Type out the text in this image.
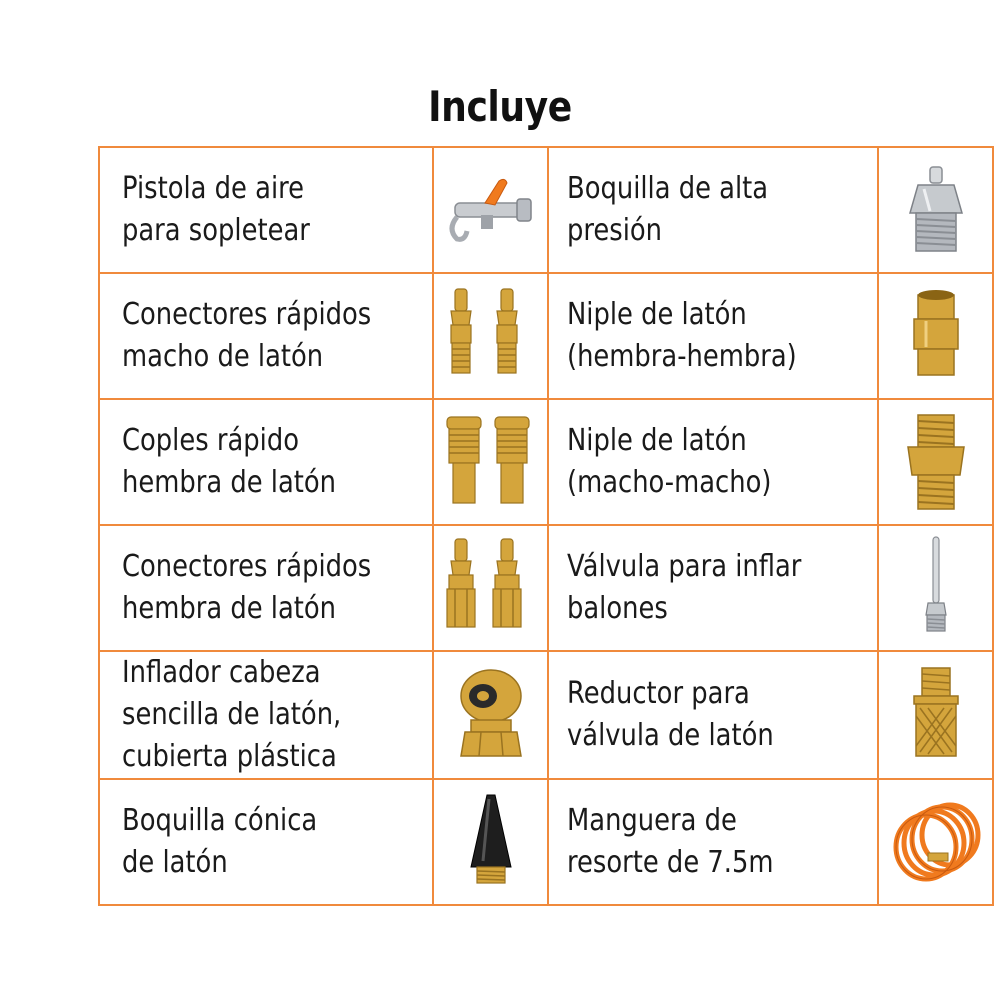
Incluye
Pistola de aire
para sopletear		Boquilla de alta
presión

Conectores rápidos
macho de latón		Niple de latón
(hembra-hembra)

Coples rápido
hembra de latón		Niple de latón
(macho-macho)

Conectores rápidos
hembra de latón		Válvula para inflar
balones

Inflador cabeza
sencilla de latón,
cubierta plástica		Reductor para
válvula de latón

Boquilla cónica
de latón		Manguera de
resorte de 7.5m
